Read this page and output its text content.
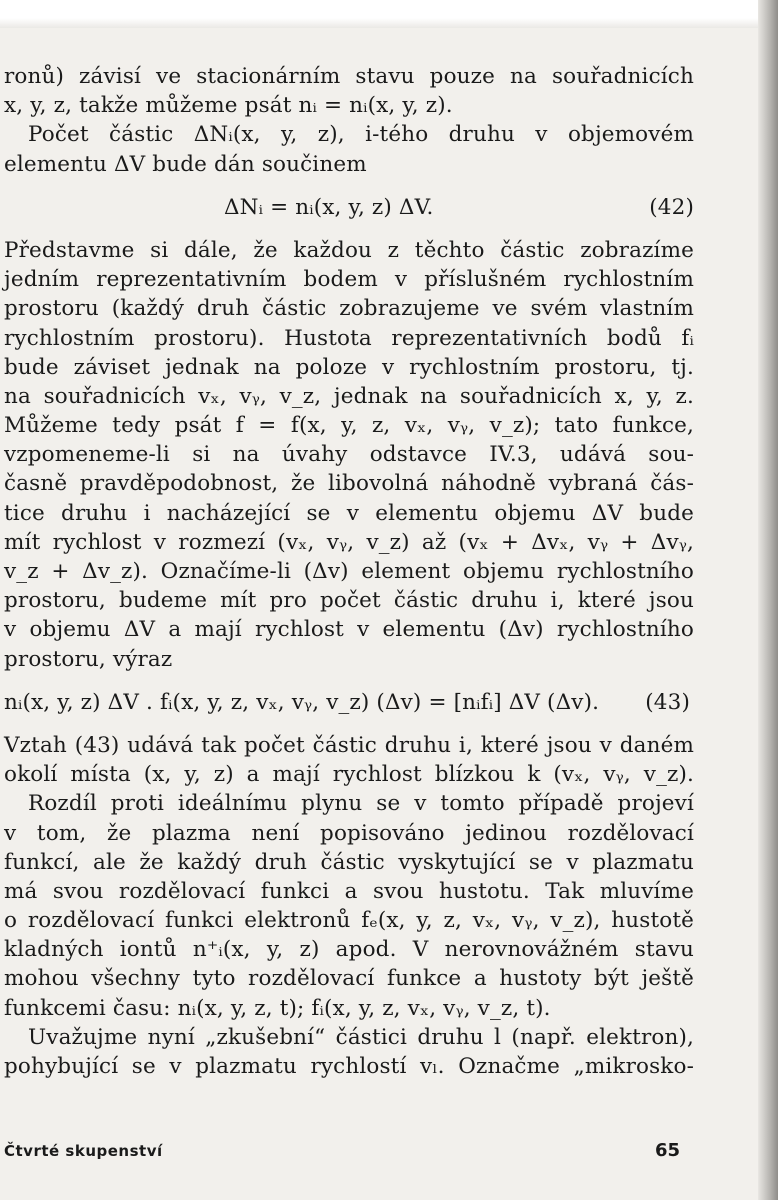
ronů) závisí ve stacionárním stavu pouze na souřadnicích
x, y, z, takže můžeme psát nᵢ = nᵢ(x, y, z).
Počet částic ΔNᵢ(x, y, z), i-tého druhu v objemovém
elementu ΔV bude dán součinem
ΔNᵢ = nᵢ(x, y, z) ΔV.	(42)
Představme si dále, že každou z těchto částic zobrazíme
jedním reprezentativním bodem v příslušném rychlostním
prostoru (každý druh částic zobrazujeme ve svém vlastním
rychlostním prostoru). Hustota reprezentativních bodů fᵢ
bude záviset jednak na poloze v rychlostním prostoru, tj.
na souřadnicích vₓ, vᵧ, v_z, jednak na souřadnicích x, y, z.
Můžeme tedy psát f = f(x, y, z, vₓ, vᵧ, v_z); tato funkce,
vzpomeneme-li si na úvahy odstavce IV.3, udává sou-
časně pravděpodobnost, že libovolná náhodně vybraná čás-
tice druhu i nacházející se v elementu objemu ΔV bude
mít rychlost v rozmezí (vₓ, vᵧ, v_z) až (vₓ + Δvₓ, vᵧ + Δvᵧ,
v_z + Δv_z). Označíme-li (Δv) element objemu rychlostního
prostoru, budeme mít pro počet částic druhu i, které jsou
v objemu ΔV a mají rychlost v elementu (Δv) rychlostního
prostoru, výraz
nᵢ(x, y, z) ΔV . fᵢ(x, y, z, vₓ, vᵧ, v_z) (Δv) = [nᵢfᵢ] ΔV (Δv). (43)
Vztah (43) udává tak počet částic druhu i, které jsou v daném
okolí místa (x, y, z) a mají rychlost blízkou k (vₓ, vᵧ, v_z).
Rozdíl proti ideálnímu plynu se v tomto případě projeví
v tom, že plazma není popisováno jedinou rozdělovací
funkcí, ale že každý druh částic vyskytující se v plazmatu
má svou rozdělovací funkci a svou hustotu. Tak mluvíme
o rozdělovací funkci elektronů fₑ(x, y, z, vₓ, vᵧ, v_z), hustotě
kladných iontů n⁺ᵢ(x, y, z) apod. V nerovnovážném stavu
mohou všechny tyto rozdělovací funkce a hustoty být ještě
funkcemi času: nᵢ(x, y, z, t); fᵢ(x, y, z, vₓ, vᵧ, v_z, t).
Uvažujme nyní „zkušební“ částici druhu l (např. elektron),
pohybující se v plazmatu rychlostí vₗ. Označme „mikrosko-
Čtvrté skupenství	65
